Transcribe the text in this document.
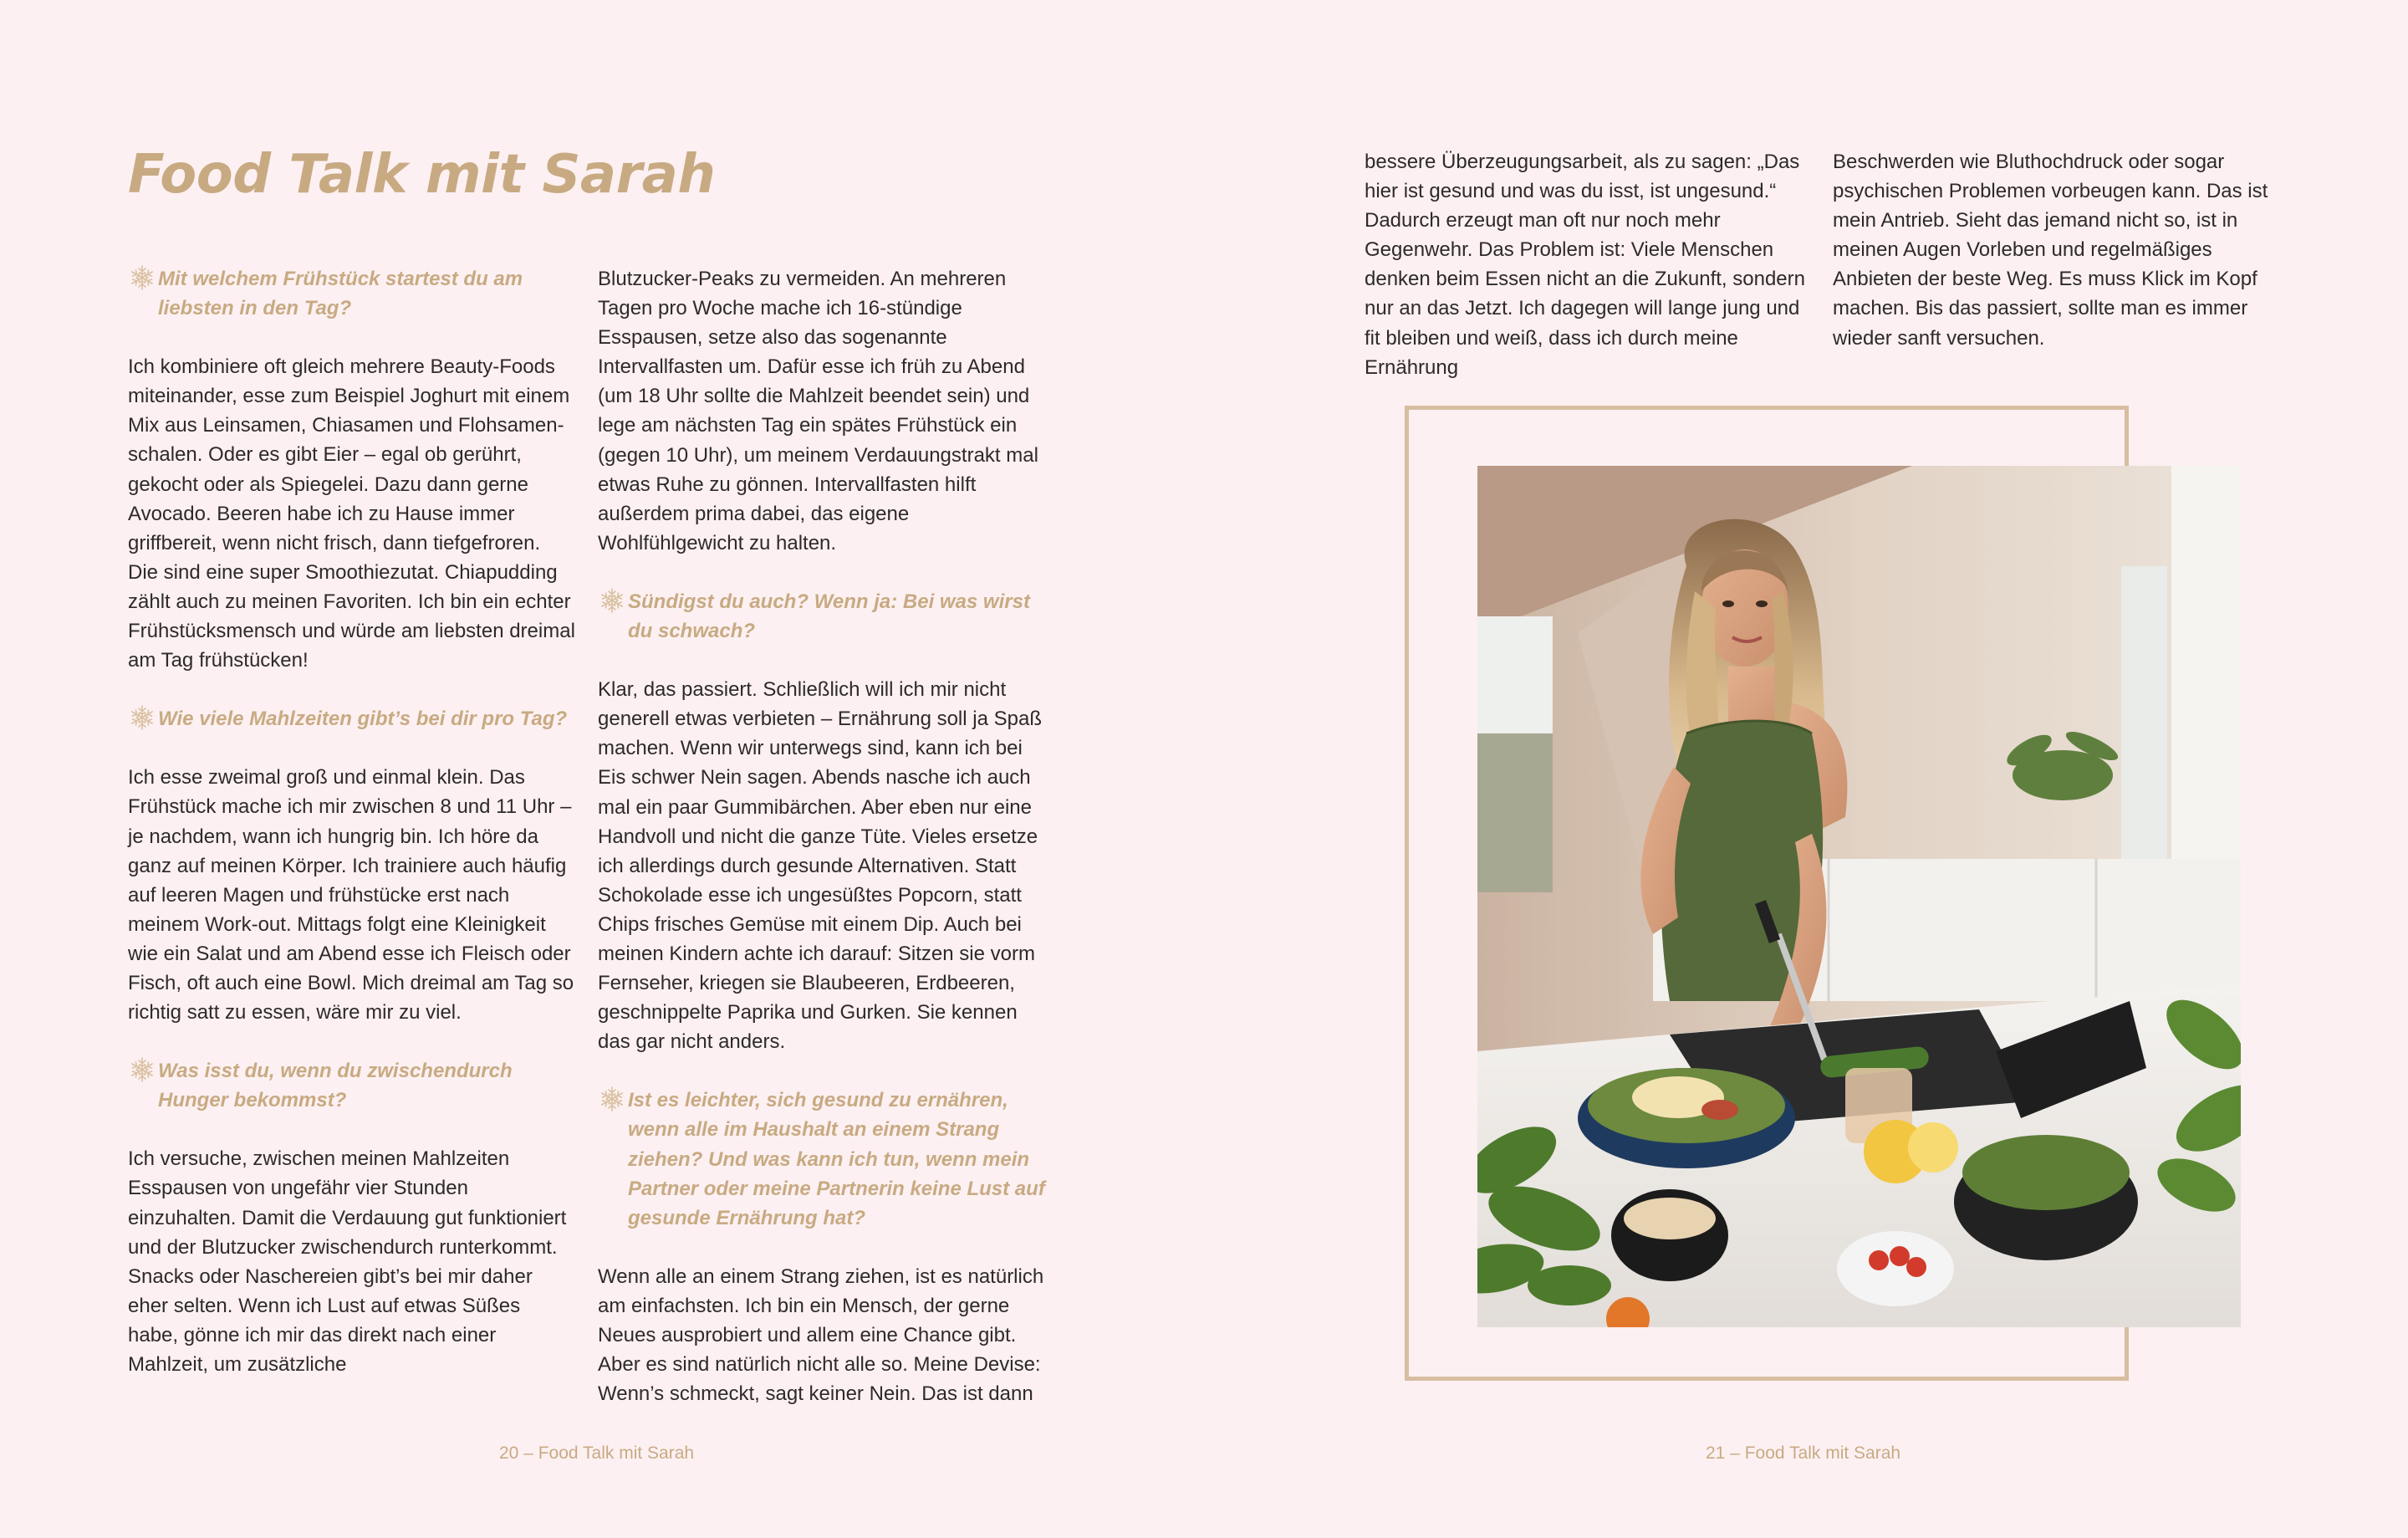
Food Talk mit Sarah
Mit welchem Frühstück startest du am liebsten in den Tag?

Ich kombiniere oft gleich mehrere Beauty-Foods miteinander, esse zum Beispiel Joghurt mit einem Mix aus Leinsamen, Chiasamen und Flohsamenschalen. Oder es gibt Eier – egal ob gerührt, gekocht oder als Spiegelei. Dazu dann gerne Avocado. Beeren habe ich zu Hause immer griffbereit, wenn nicht frisch, dann tiefgefroren. Die sind eine super Smoothiezutat. Chiapudding zählt auch zu meinen Favoriten. Ich bin ein echter Frühstücksmensch und würde am liebsten dreimal am Tag frühstücken!

Wie viele Mahlzeiten gibt’s bei dir pro Tag?

Ich esse zweimal groß und einmal klein. Das Frühstück mache ich mir zwischen 8 und 11 Uhr – je nachdem, wann ich hungrig bin. Ich höre da ganz auf meinen Körper. Ich trainiere auch häufig auf leeren Magen und frühstücke erst nach meinem Work-out. Mittags folgt eine Kleinigkeit wie ein Salat und am Abend esse ich Fleisch oder Fisch, oft auch eine Bowl. Mich dreimal am Tag so richtig satt zu essen, wäre mir zu viel.

Was isst du, wenn du zwischendurch Hunger bekommst?

Ich versuche, zwischen meinen Mahlzeiten Esspausen von ungefähr vier Stunden einzuhalten. Damit die Verdauung gut funktioniert und der Blutzucker zwischendurch runterkommt. Snacks oder Naschereien gibt’s bei mir daher eher selten. Wenn ich Lust auf etwas Süßes habe, gönne ich mir das direkt nach einer Mahlzeit, um zusätzliche

Blutzucker-Peaks zu vermeiden. An mehreren Tagen pro Woche mache ich 16-stündige Esspausen, setze also das sogenannte Intervallfasten um. Dafür esse ich früh zu Abend (um 18 Uhr sollte die Mahlzeit beendet sein) und lege am nächsten Tag ein spätes Frühstück ein (gegen 10 Uhr), um meinem Verdauungstrakt mal etwas Ruhe zu gönnen. Intervallfasten hilft außerdem prima dabei, das eigene Wohlfühlgewicht zu halten.

Sündigst du auch? Wenn ja: Bei was wirst du schwach?

Klar, das passiert. Schließlich will ich mir nicht generell etwas verbieten – Ernährung soll ja Spaß machen. Wenn wir unterwegs sind, kann ich bei Eis schwer Nein sagen. Abends nasche ich auch mal ein paar Gummibärchen. Aber eben nur eine Handvoll und nicht die ganze Tüte. Vieles ersetze ich allerdings durch gesunde Alternativen. Statt Schokolade esse ich ungesüßtes Popcorn, statt Chips frisches Gemüse mit einem Dip. Auch bei meinen Kindern achte ich darauf: Sitzen sie vorm Fernseher, kriegen sie Blaubeeren, Erdbeeren, geschnippelte Paprika und Gurken. Sie kennen das gar nicht anders.

Ist es leichter, sich gesund zu ernähren, wenn alle im Haushalt an einem Strang ziehen? Und was kann ich tun, wenn mein Partner oder meine Partnerin keine Lust auf gesunde Ernährung hat?

Wenn alle an einem Strang ziehen, ist es natürlich am einfachsten. Ich bin ein Mensch, der gerne Neues ausprobiert und allem eine Chance gibt. Aber es sind natürlich nicht alle so. Meine Devise: Wenn’s schmeckt, sagt keiner Nein. Das ist dann

20 – Food Talk mit Sarah

bessere Überzeugungsarbeit, als zu sagen: „Das hier ist gesund und was du isst, ist ungesund.“ Dadurch erzeugt man oft nur noch mehr Gegenwehr. Das Problem ist: Viele Menschen denken beim Essen nicht an die Zukunft, sondern nur an das Jetzt. Ich dagegen will lange jung und fit bleiben und weiß, dass ich durch meine Ernährung

Beschwerden wie Bluthochdruck oder sogar psychischen Problemen vorbeugen kann. Das ist mein Antrieb. Sieht das jemand nicht so, ist in meinen Augen Vorleben und regelmäßiges Anbieten der beste Weg. Es muss Klick im Kopf machen. Bis das passiert, sollte man es immer wieder sanft versuchen.

21 – Food Talk mit Sarah
